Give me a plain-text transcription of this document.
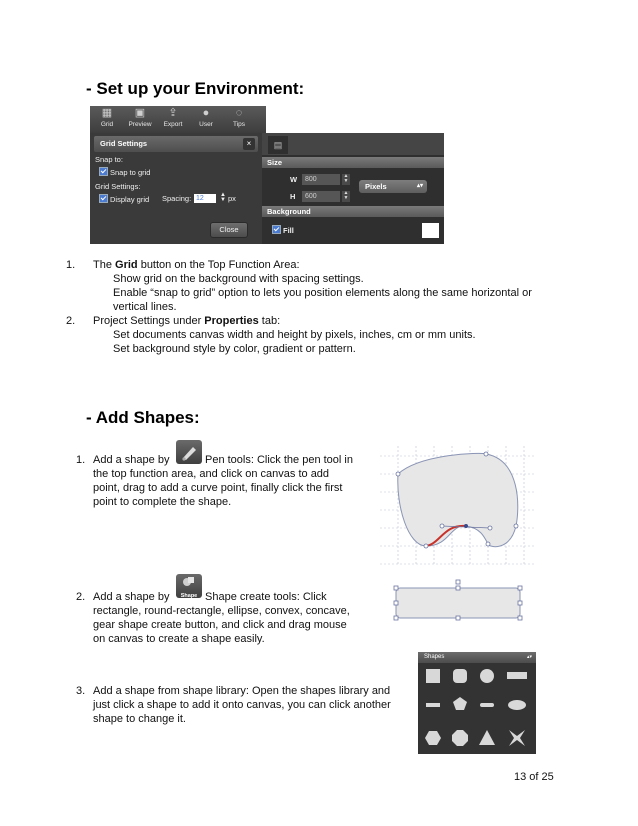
- Set up your Environment:
▦
Grid
▣
Preview
⇪
Export
●
User
◌
Tips
Grid Settings	×
Snap to:
Snap to grid
Grid Settings:
Display grid Spacing: 12	▲
▼ px
Close
▤
Size
W	800	▲
▼
H	600	▲
▼
Pixels	▴▾
Background
Fill
1. The Grid button on the Top Function Area:
Show grid on the background with spacing settings.
Enable “snap to grid” option to lets you position elements along the same horizontal or
vertical lines.
2. Project Settings under Properties tab:
Set documents canvas width and height by pixels, inches, cm or mm units.
Set background style by color, gradient or pattern.
- Add Shapes:
1. Add a shape by	Pen tools: Click the pen tool in
the top function area, and click on canvas to add
point, drag to add a curve point, finally click the first
point to complete the shape.
2. Add a shape by	Shape Shape create tools: Click
rectangle, round-rectangle, ellipse, convex, concave,
gear shape create button, and click and drag mouse
on canvas to create a shape easily.
3. Add a shape from shape library: Open the shapes library and
just click a shape to add it onto canvas, you can click another
shape to change it.
Shapes	▴▾
13 of 25
